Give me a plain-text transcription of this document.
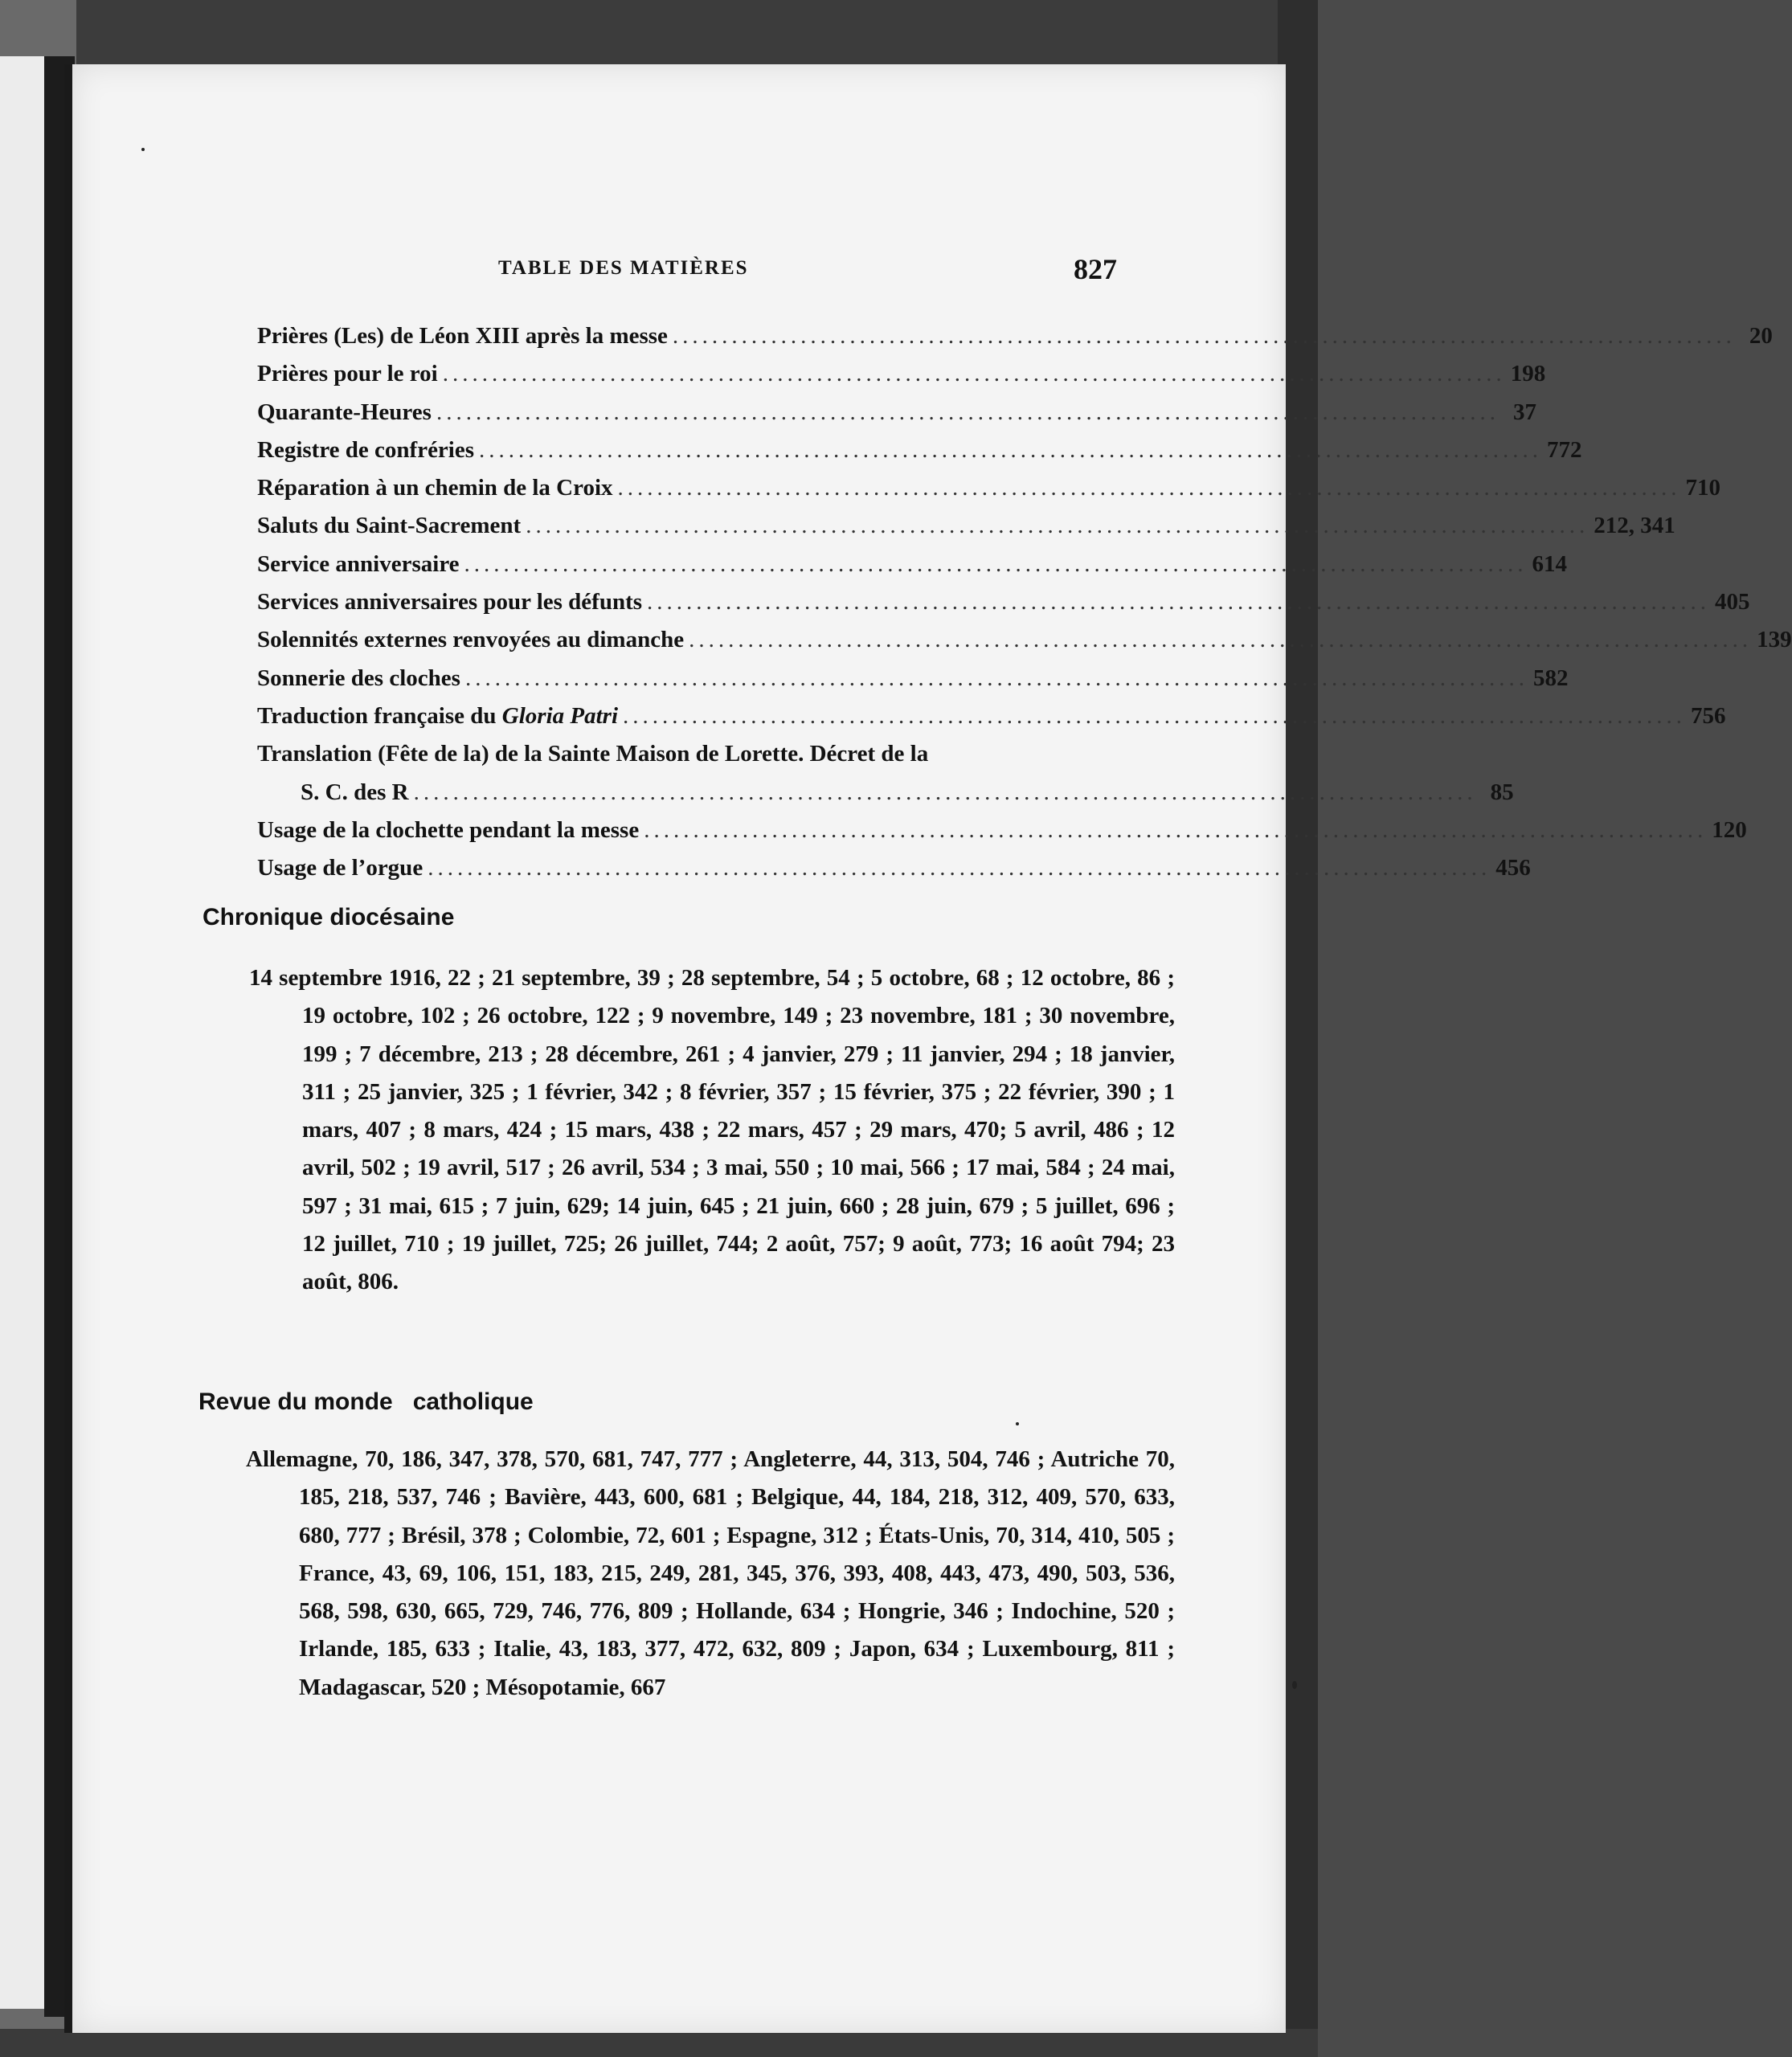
TABLE DES MATIÈRES	827
Prières (Les) de Léon XIII après la messe ............................................................................................................ 20
Prières pour le roi ............................................................................................................ 198
Quarante-Heures ............................................................................................................ 37
Registre de confréries ............................................................................................................ 772
Réparation à un chemin de la Croix ............................................................................................................ 710
Saluts du Saint-Sacrement ............................................................................................................ 212, 341
Service anniversaire ............................................................................................................ 614
Services anniversaires pour les défunts ............................................................................................................ 405
Solennités externes renvoyées au dimanche ............................................................................................................ 139
Sonnerie des cloches ............................................................................................................ 582
Traduction française du Gloria Patri ............................................................................................................ 756
Translation (Fête de la) de la Sainte Maison de Lorette. Décret de la
S. C. des R ............................................................................................................ 85
Usage de la clochette pendant la messe ............................................................................................................ 120
Usage de l’orgue ............................................................................................................ 456
Chronique diocésaine
14 septembre 1916, 22 ; 21 septembre, 39 ; 28 septembre, 54 ; 5 octobre, 68 ; 12 octobre, 86 ; 19 octobre, 102 ; 26 octobre, 122 ; 9 novembre, 149 ; 23 novembre, 181 ; 30 novembre, 199 ; 7 décembre, 213 ; 28 décembre, 261 ; 4 janvier, 279 ; 11 janvier, 294 ; 18 janvier, 311 ; 25 janvier, 325 ; 1 février, 342 ; 8 février, 357 ; 15 février, 375 ; 22 février, 390 ; 1 mars, 407 ; 8 mars, 424 ; 15 mars, 438 ; 22 mars, 457 ; 29 mars, 470; 5 avril, 486 ; 12 avril, 502 ; 19 avril, 517 ; 26 avril, 534 ; 3 mai, 550 ; 10 mai, 566 ; 17 mai, 584 ; 24 mai, 597 ; 31 mai, 615 ; 7 juin, 629; 14 juin, 645 ; 21 juin, 660 ; 28 juin, 679 ; 5 juillet, 696 ; 12 juillet, 710 ; 19 juillet, 725; 26 juillet, 744; 2 août, 757; 9 août, 773; 16 août 794; 23 août, 806.
Revue du monde   catholique
Allemagne, 70, 186, 347, 378, 570, 681, 747, 777 ; Angleterre, 44, 313, 504, 746 ; Autriche 70, 185, 218, 537, 746 ; Bavière, 443, 600, 681 ; Belgique, 44, 184, 218, 312, 409, 570, 633, 680, 777 ; Brésil, 378 ; Colombie, 72, 601 ; Espagne, 312 ; États-Unis, 70, 314, 410, 505 ; France, 43, 69, 106, 151, 183, 215, 249, 281, 345, 376, 393, 408, 443, 473, 490, 503, 536, 568, 598, 630, 665, 729, 746, 776, 809 ; Hollande, 634 ; Hongrie, 346 ; Indochine, 520 ; Irlande, 185, 633 ; Italie, 43, 183, 377, 472, 632, 809 ; Japon, 634 ; Luxembourg, 811 ; Madagascar, 520 ; Mésopotamie, 667
